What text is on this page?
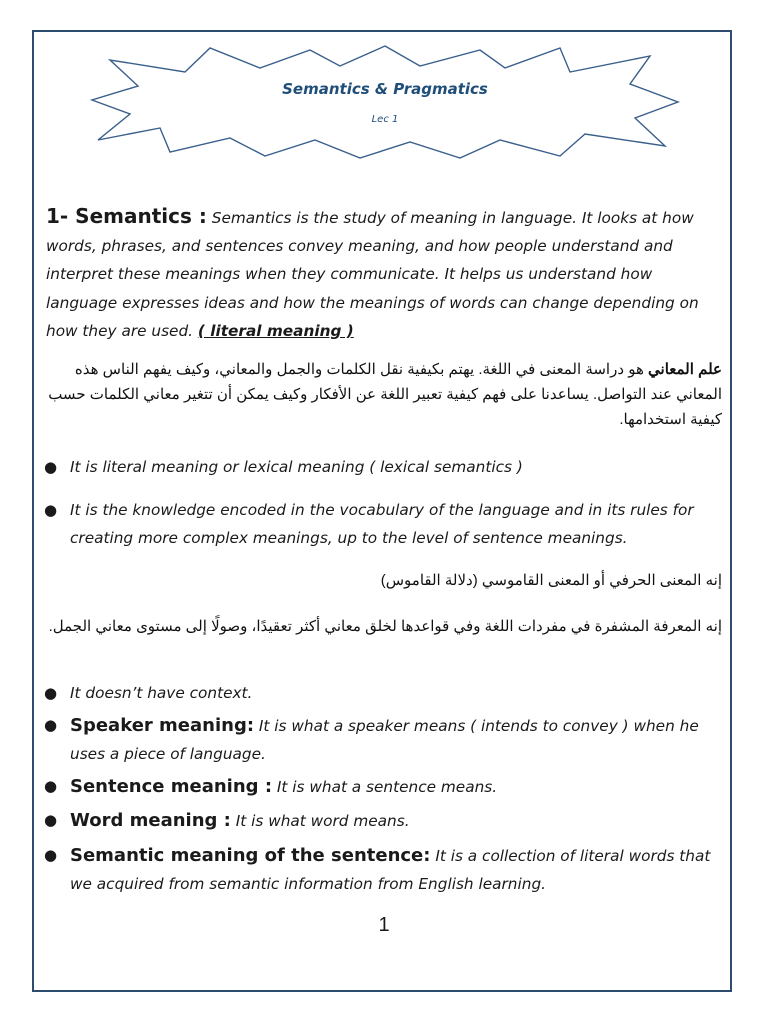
Semantics & Pragmatics
Lec 1
1- Semantics : Semantics is the study of meaning in language. It looks at how words, phrases, and sentences convey meaning, and how people understand and interpret these meanings when they communicate. It helps us understand how language expresses ideas and how the meanings of words can change depending on how they are used. ( literal meaning )
علم المعاني هو دراسة المعنى في اللغة. يهتم بكيفية نقل الكلمات والجمل والمعاني، وكيف يفهم الناس هذه المعاني عند التواصل. يساعدنا على فهم كيفية تعبير اللغة عن الأفكار وكيف يمكن أن تتغير معاني الكلمات حسب كيفية استخدامها.
● It is literal meaning or lexical meaning ( lexical semantics )
● It is the knowledge encoded in the vocabulary of the language and in its rules for creating more complex meanings, up to the level of sentence meanings.
إنه المعنى الحرفي أو المعنى القاموسي (دلالة القاموس)
إنه المعرفة المشفرة في مفردات اللغة وفي قواعدها لخلق معاني أكثر تعقيدًا، وصولًا إلى مستوى معاني الجمل.
● It doesn’t have context.
● Speaker meaning: It is what a speaker means ( intends to convey ) when he uses a piece of language.
● Sentence meaning : It is what a sentence means.
● Word meaning : It is what word means.
● Semantic meaning of the sentence: It is a collection of literal words that we acquired from semantic information from English learning.
1
